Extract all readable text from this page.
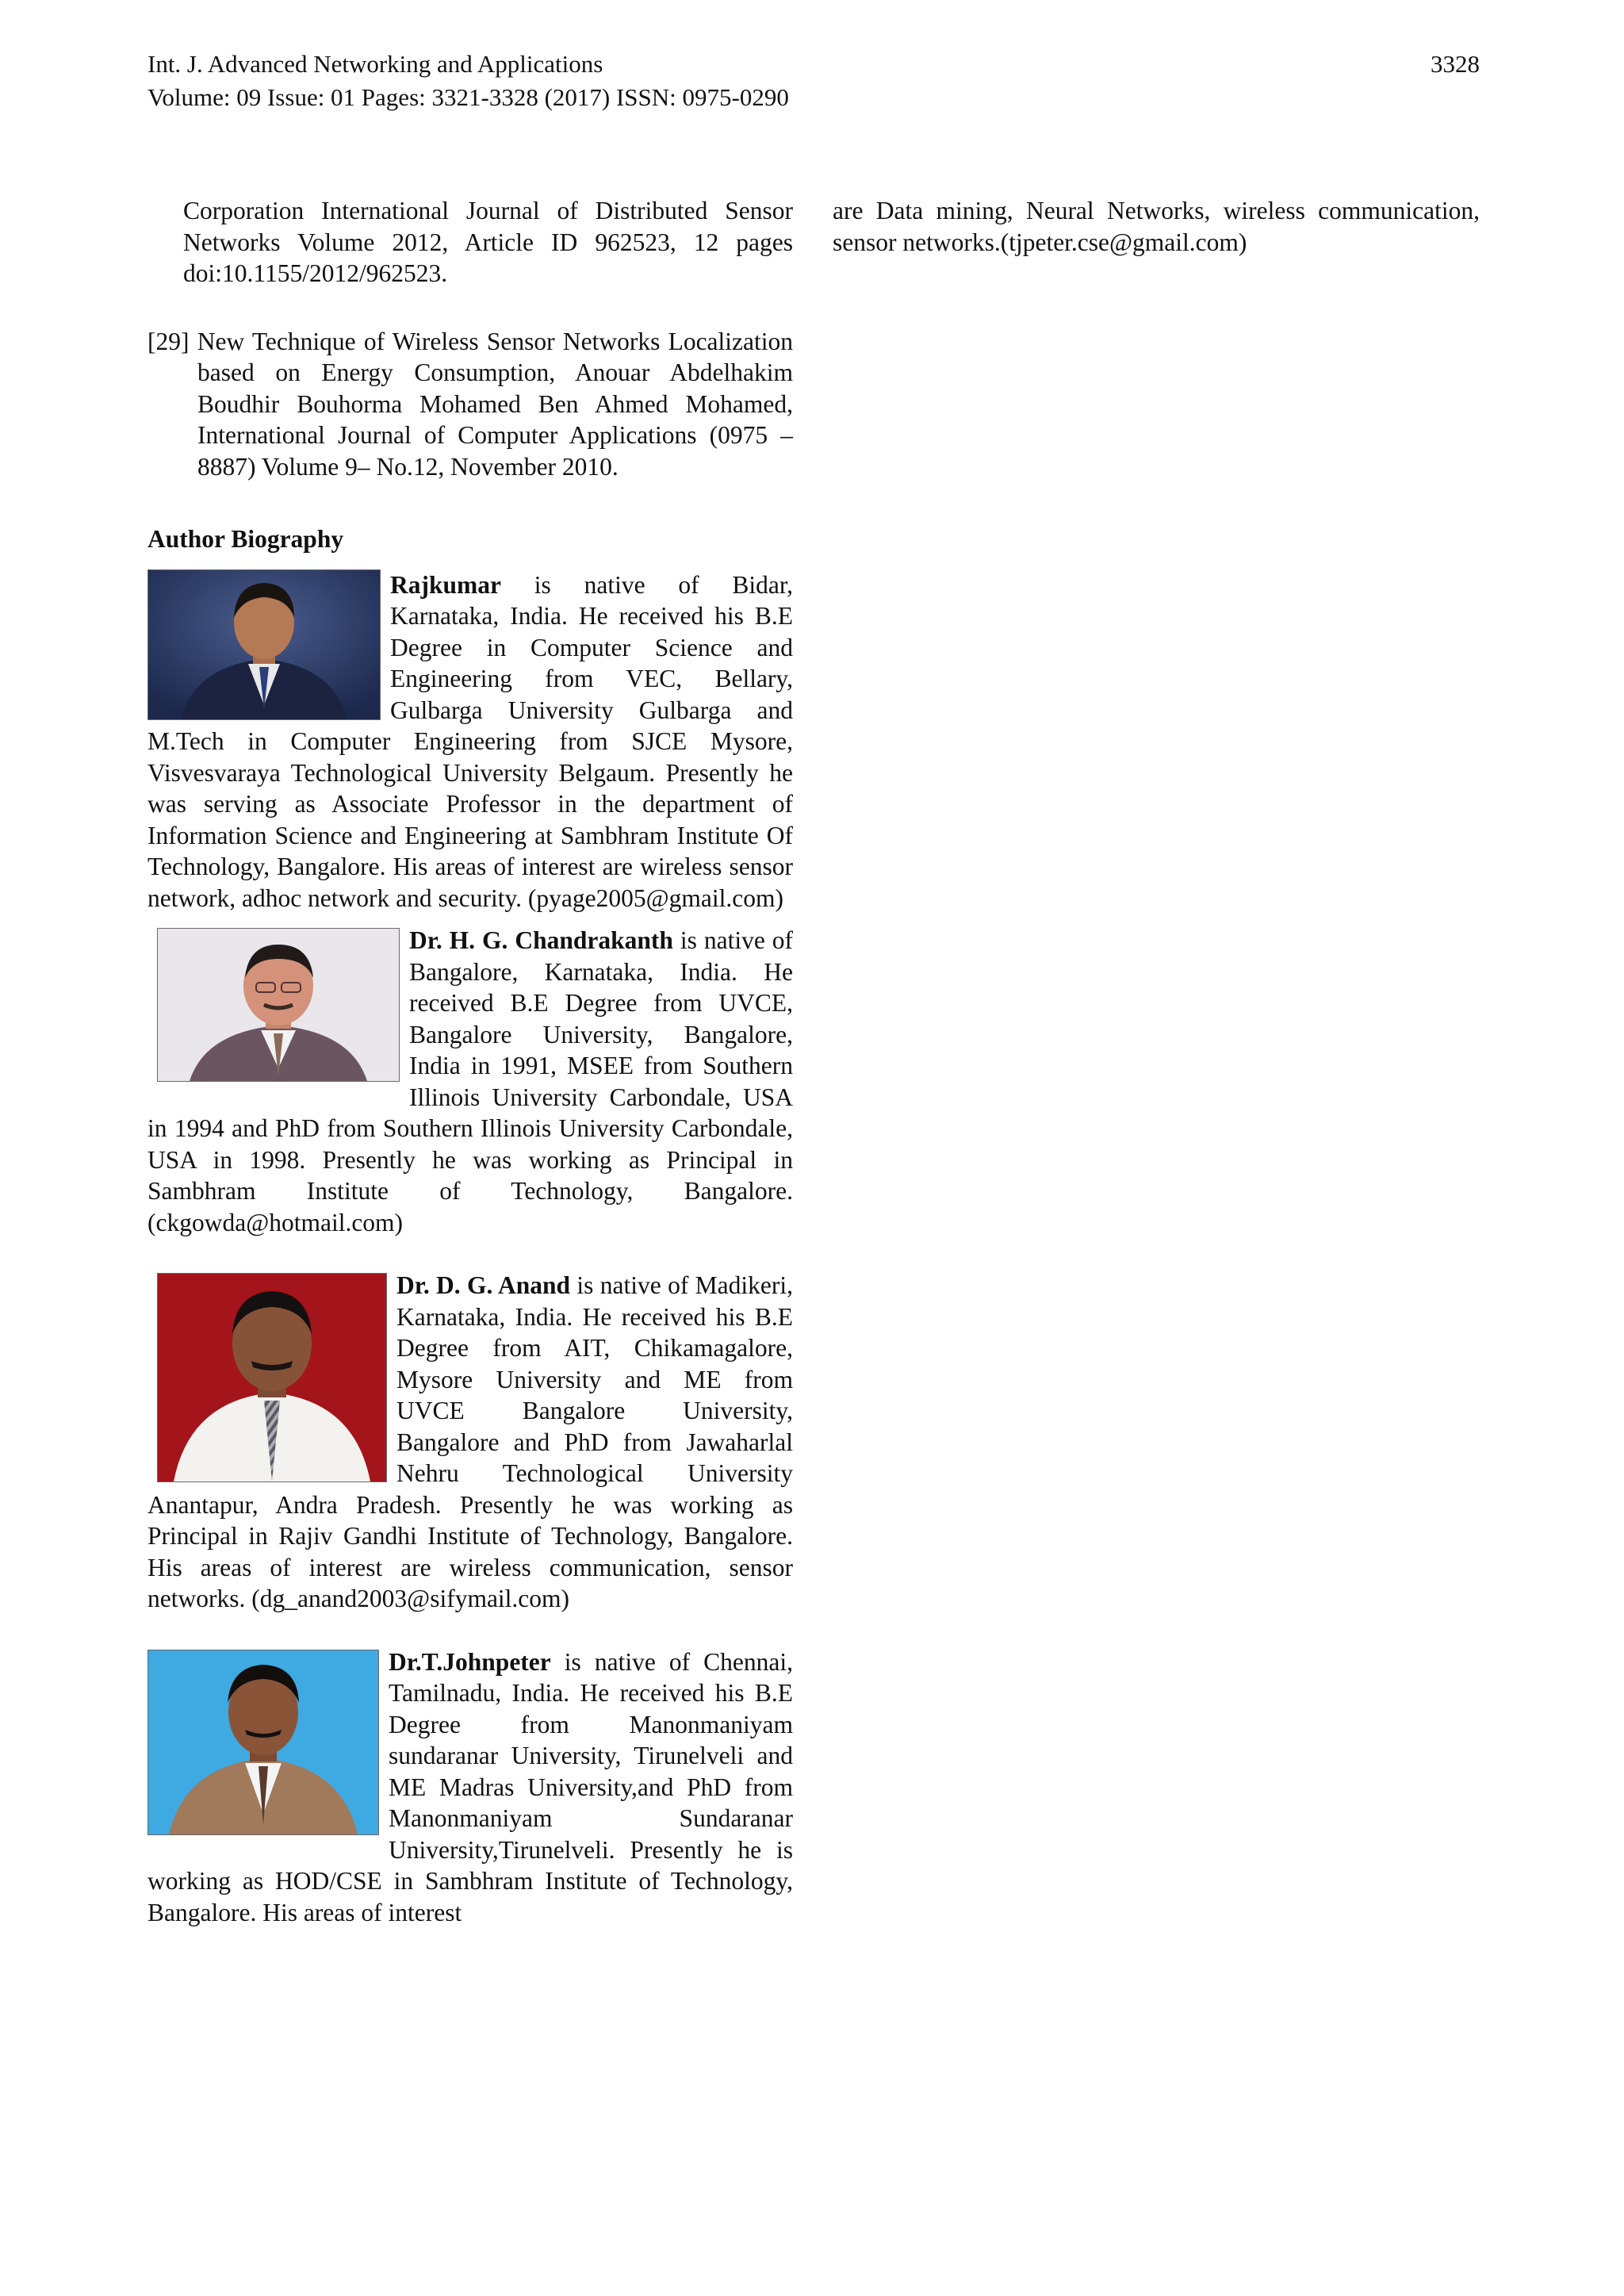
Int. J. Advanced Networking and Applications
Volume: 09 Issue: 01 Pages: 3321-3328 (2017) ISSN: 0975-0290
3328

Corporation International Journal of Distributed Sensor Networks Volume 2012, Article ID 962523, 12 pages doi:10.1155/2012/962523.

[29] New Technique of Wireless Sensor Networks Localization based on Energy Consumption, Anouar Abdelhakim Boudhir Bouhorma Mohamed Ben Ahmed Mohamed, International Journal of Computer Applications (0975 – 8887) Volume 9– No.12, November 2010.

Author Biography
Rajkumar is native of Bidar, Karnataka, India. He received his B.E Degree in Computer Science and Engineering from VEC, Bellary, Gulbarga University Gulbarga and M.Tech in Computer Engineering from SJCE Mysore, Visvesvaraya Technological University Belgaum. Presently he was serving as Associate Professor in the department of Information Science and Engineering at Sambhram Institute Of Technology, Bangalore. His areas of interest are wireless sensor network, adhoc network and security. (pyage2005@gmail.com)
Dr. H. G. Chandrakanth is native of Bangalore, Karnataka, India. He received B.E Degree from UVCE, Bangalore University, Bangalore, India in 1991, MSEE from Southern Illinois University Carbondale, USA in 1994 and PhD from Southern Illinois University Carbondale, USA in 1998. Presently he was working as Principal in Sambhram Institute of Technology, Bangalore. (ckgowda@hotmail.com)
Dr. D. G. Anand is native of Madikeri, Karnataka, India. He received his B.E Degree from AIT, Chikamagalore, Mysore University and ME from UVCE Bangalore University, Bangalore and PhD from Jawaharlal Nehru Technological University Anantapur, Andra Pradesh. Presently he was working as Principal in Rajiv Gandhi Institute of Technology, Bangalore. His areas of interest are wireless communication, sensor networks. (dg_anand2003@sifymail.com)
Dr.T.Johnpeter is native of Chennai, Tamilnadu, India. He received his B.E Degree from Manonmaniyam sundaranar University, Tirunelveli and ME Madras University,and PhD from Manonmaniyam Sundaranar University,Tirunelveli. Presently he is working as HOD/CSE in Sambhram Institute of Technology, Bangalore. His areas of interest

are Data mining, Neural Networks, wireless communication, sensor networks.(tjpeter.cse@gmail.com)
